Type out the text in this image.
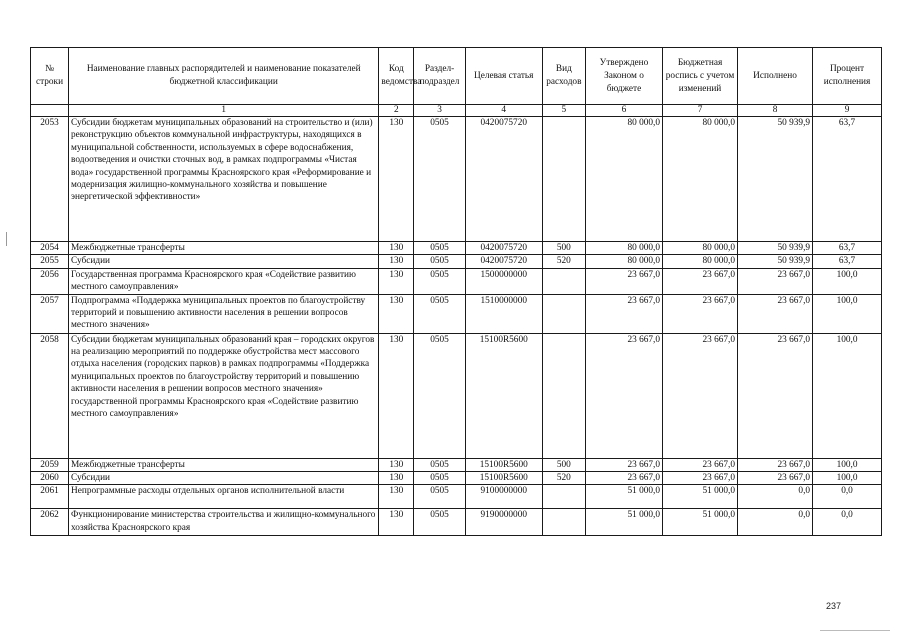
№ строки	Наименование главных распорядителей и наименование показателей бюджетной классификации	Код ведомства	Раздел-подраздел	Целевая статья	Вид расходов	Утверждено Законом о бюджете	Бюджетная роспись с учетом изменений	Исполнено	Процент исполнения
	1	2	3	4	5	6	7	8	9
2053	Субсидии бюджетам муниципальных образований на строительство и (или) реконструкцию объектов коммунальной инфраструктуры, находящихся в муниципальной собственности, используемых в сфере водоснабжения, водоотведения и очистки сточных вод, в рамках подпрограммы «Чистая вода» государственной программы Красноярского края «Реформирование и модернизация жилищно-коммунального хозяйства и повышение энергетической эффективности»	130	0505	0420075720		80 000,0	80 000,0	50 939,9	63,7
2054	Межбюджетные трансферты	130	0505	0420075720	500	80 000,0	80 000,0	50 939,9	63,7
2055	Субсидии	130	0505	0420075720	520	80 000,0	80 000,0	50 939,9	63,7
2056	Государственная программа Красноярского края «Содействие развитию местного самоуправления»	130	0505	1500000000		23 667,0	23 667,0	23 667,0	100,0
2057	Подпрограмма «Поддержка муниципальных проектов по благоустройству территорий и повышению активности населения в решении вопросов местного значения»	130	0505	1510000000		23 667,0	23 667,0	23 667,0	100,0
2058	Субсидии бюджетам муниципальных образований края – городских округов на реализацию мероприятий по поддержке обустройства мест массового отдыха населения (городских парков) в рамках подпрограммы «Поддержка муниципальных проектов по благоустройству территорий и повышению активности населения в решении вопросов местного значения» государственной программы Красноярского края «Содействие развитию местного самоуправления»	130	0505	15100R5600		23 667,0	23 667,0	23 667,0	100,0
2059	Межбюджетные трансферты	130	0505	15100R5600	500	23 667,0	23 667,0	23 667,0	100,0
2060	Субсидии	130	0505	15100R5600	520	23 667,0	23 667,0	23 667,0	100,0
2061	Непрограммные расходы отдельных органов исполнительной власти	130	0505	9100000000		51 000,0	51 000,0	0,0	0,0
2062	Функционирование министерства строительства и жилищно-коммунального хозяйства Красноярского края	130	0505	9190000000		51 000,0	51 000,0	0,0	0,0
237
